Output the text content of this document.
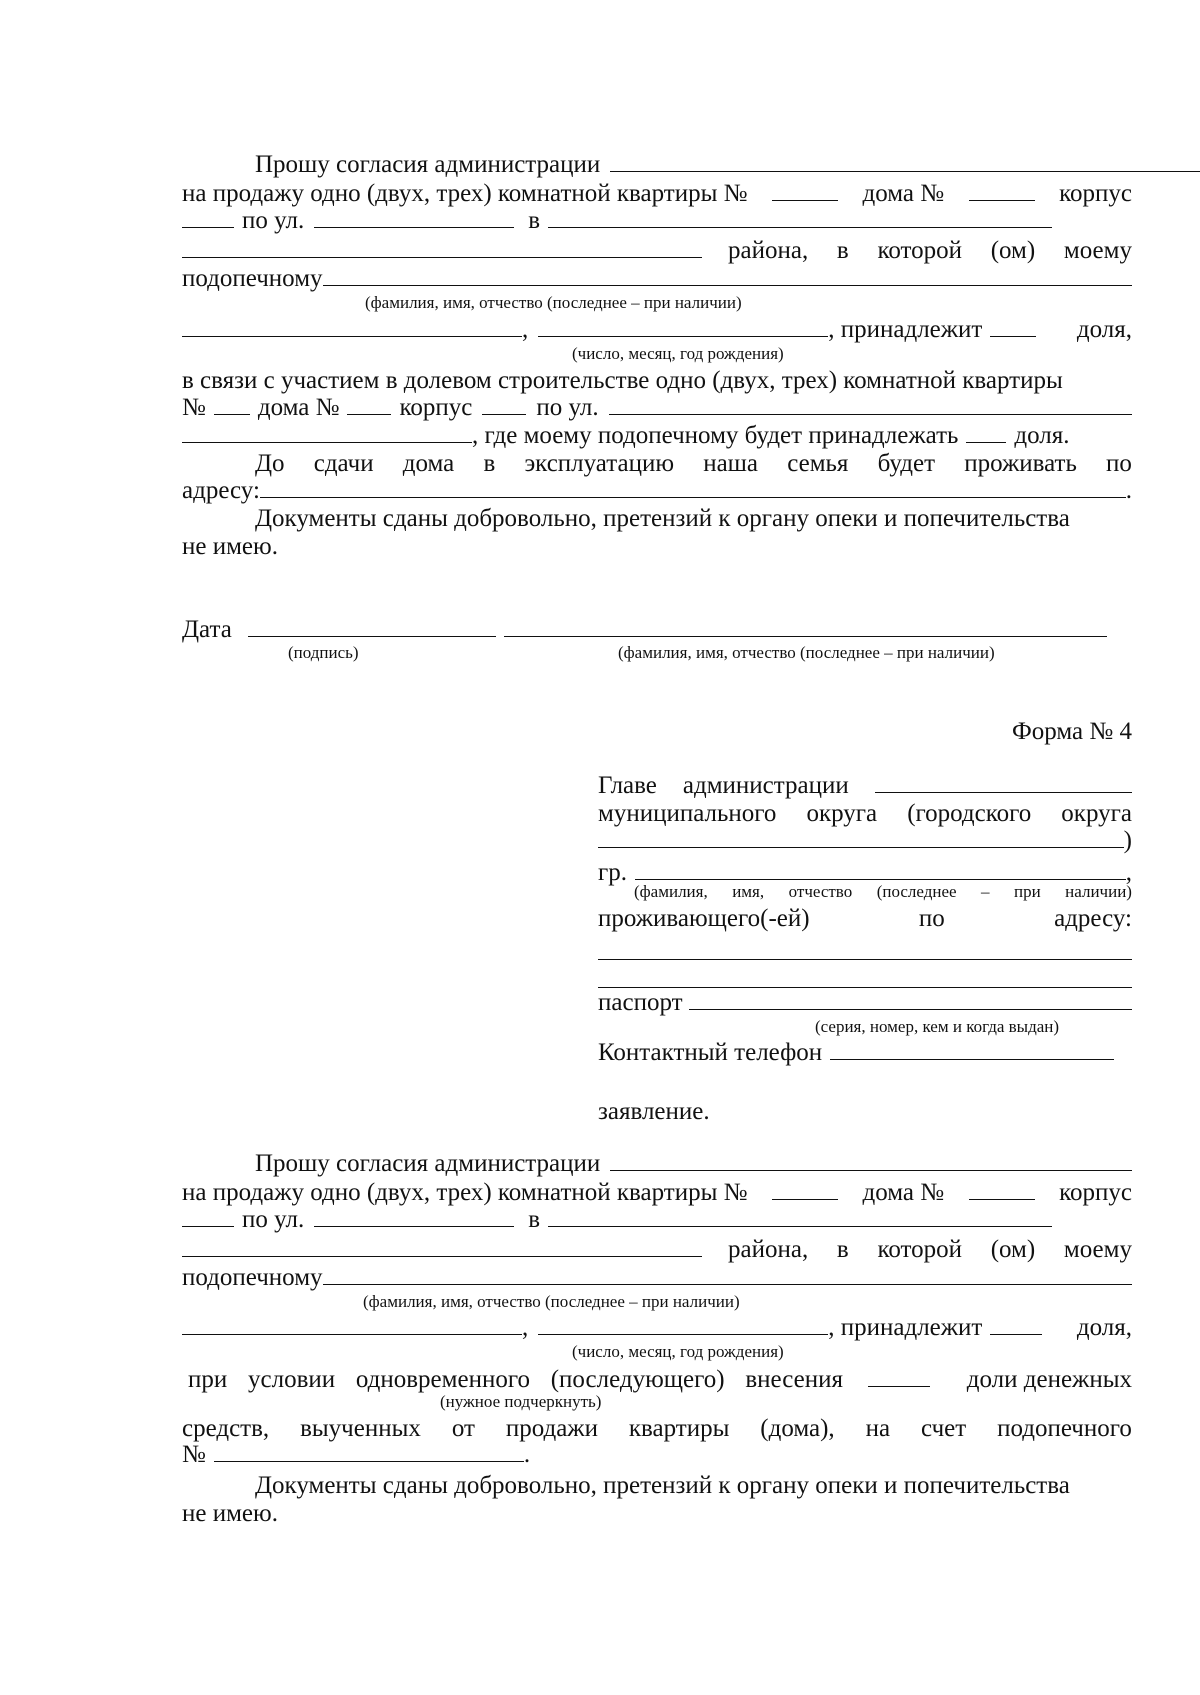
Прошу согласия администрации
на продажу одно (двух, трех) комнатной квартиры №	дома №	корпус
по ул.	в
района, в которой (ом) моему
подопечному
(фамилия, имя, отчество (последнее – при наличии)
,	, принадлежит	доля,
(число, месяц, год рождения)
в связи с участием в долевом строительстве одно (двух, трех) комнатной квартиры
№ дома № корпус	по ул.
, где моему подопечному будет принадлежать доля.
До сдачи дома в эксплуатацию наша семья будет проживать по
адресу:	.
Документы сданы добровольно, претензий к органу опеки и попечительства
не имею.
Дата
(подпись)	(фамилия, имя, отчество (последнее – при наличии)
Форма № 4
Главе администрации
муниципального округа (городского округа
)
гр.	,
(фамилия, имя, отчество (последнее – при наличии)
проживающего(-ей)	по	адресу:
паспорт
(серия, номер, кем и когда выдан)
Контактный телефон
заявление.
Прошу согласия администрации
на продажу одно (двух, трех) комнатной квартиры №	дома №	корпус
по ул.	в
района, в которой (ом) моему
подопечному
(фамилия, имя, отчество (последнее – при наличии)
,	, принадлежит	доля,
(число, месяц, год рождения)
при условии одновременного (последующего) внесения	доли денежных
(нужное подчеркнуть)
средств, выученных от продажи квартиры (дома), на счет подопечного
№	.
Документы сданы добровольно, претензий к органу опеки и попечительства
не имею.
